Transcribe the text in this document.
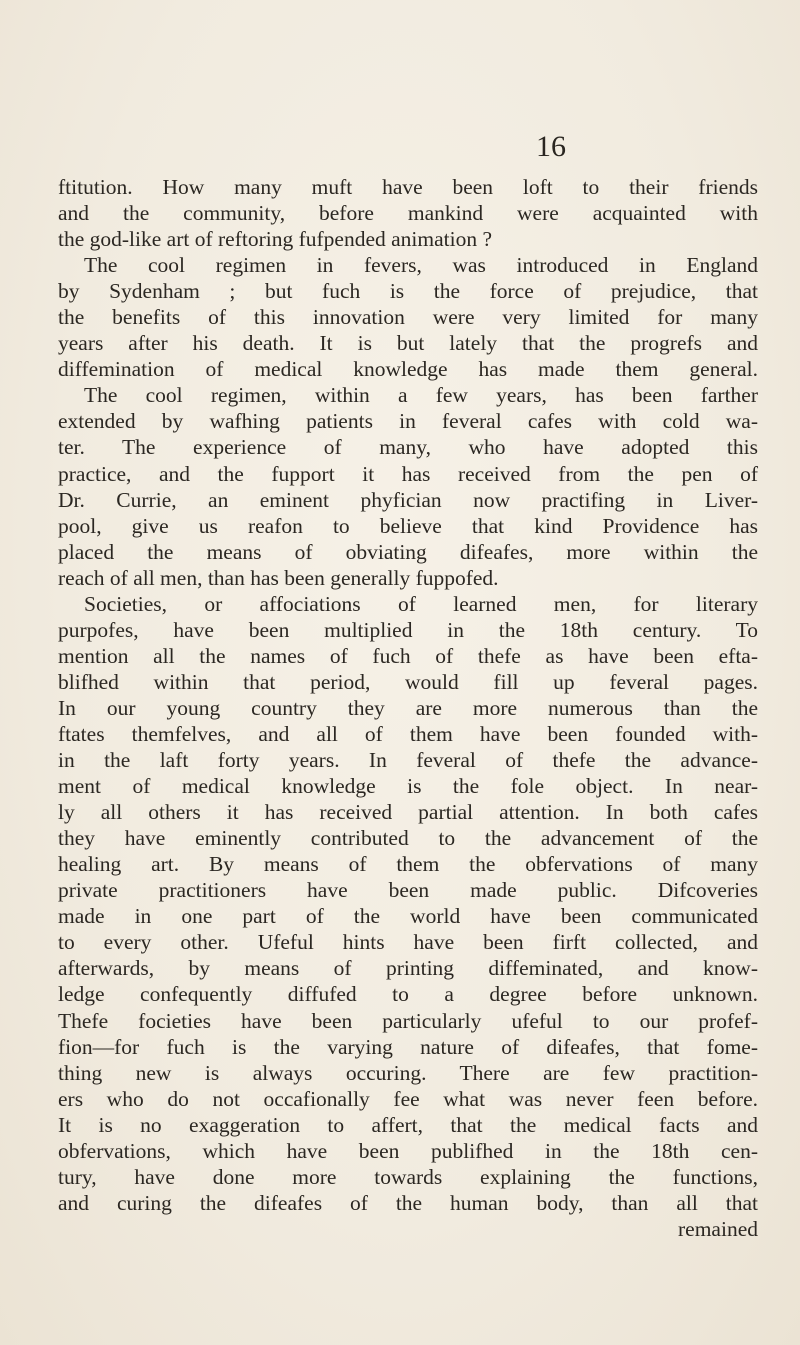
16
ftitution. How many muft have been loft to their friends
and the community, before mankind were acquainted with
the god-like art of reftoring fufpended animation ?
The cool regimen in fevers, was introduced in England
by Sydenham ; but fuch is the force of prejudice, that
the benefits of this innovation were very limited for many
years after his death. It is but lately that the progrefs and
diffemination of medical knowledge has made them general.
The cool regimen, within a few years, has been farther
extended by wafhing patients in feveral cafes with cold wa-
ter. The experience of many, who have adopted this
practice, and the fupport it has received from the pen of
Dr. Currie, an eminent phyfician now practifing in Liver-
pool, give us reafon to believe that kind Providence has
placed the means of obviating difeafes, more within the
reach of all men, than has been generally fuppofed.
Societies, or affociations of learned men, for literary
purpofes, have been multiplied in the 18th century. To
mention all the names of fuch of thefe as have been efta-
blifhed within that period, would fill up feveral pages.
In our young country they are more numerous than the
ftates themfelves, and all of them have been founded with-
in the laft forty years. In feveral of thefe the advance-
ment of medical knowledge is the fole object. In near-
ly all others it has received partial attention. In both cafes
they have eminently contributed to the advancement of the
healing art. By means of them the obfervations of many
private practitioners have been made public. Difcoveries
made in one part of the world have been communicated
to every other. Ufeful hints have been firft collected, and
afterwards, by means of printing diffeminated, and know-
ledge confequently diffufed to a degree before unknown.
Thefe focieties have been particularly ufeful to our profef-
fion—for fuch is the varying nature of difeafes, that fome-
thing new is always occuring. There are few practition-
ers who do not occafionally fee what was never feen before.
It is no exaggeration to affert, that the medical facts and
obfervations, which have been publifhed in the 18th cen-
tury, have done more towards explaining the functions,
and curing the difeafes of the human body, than all that
remained
